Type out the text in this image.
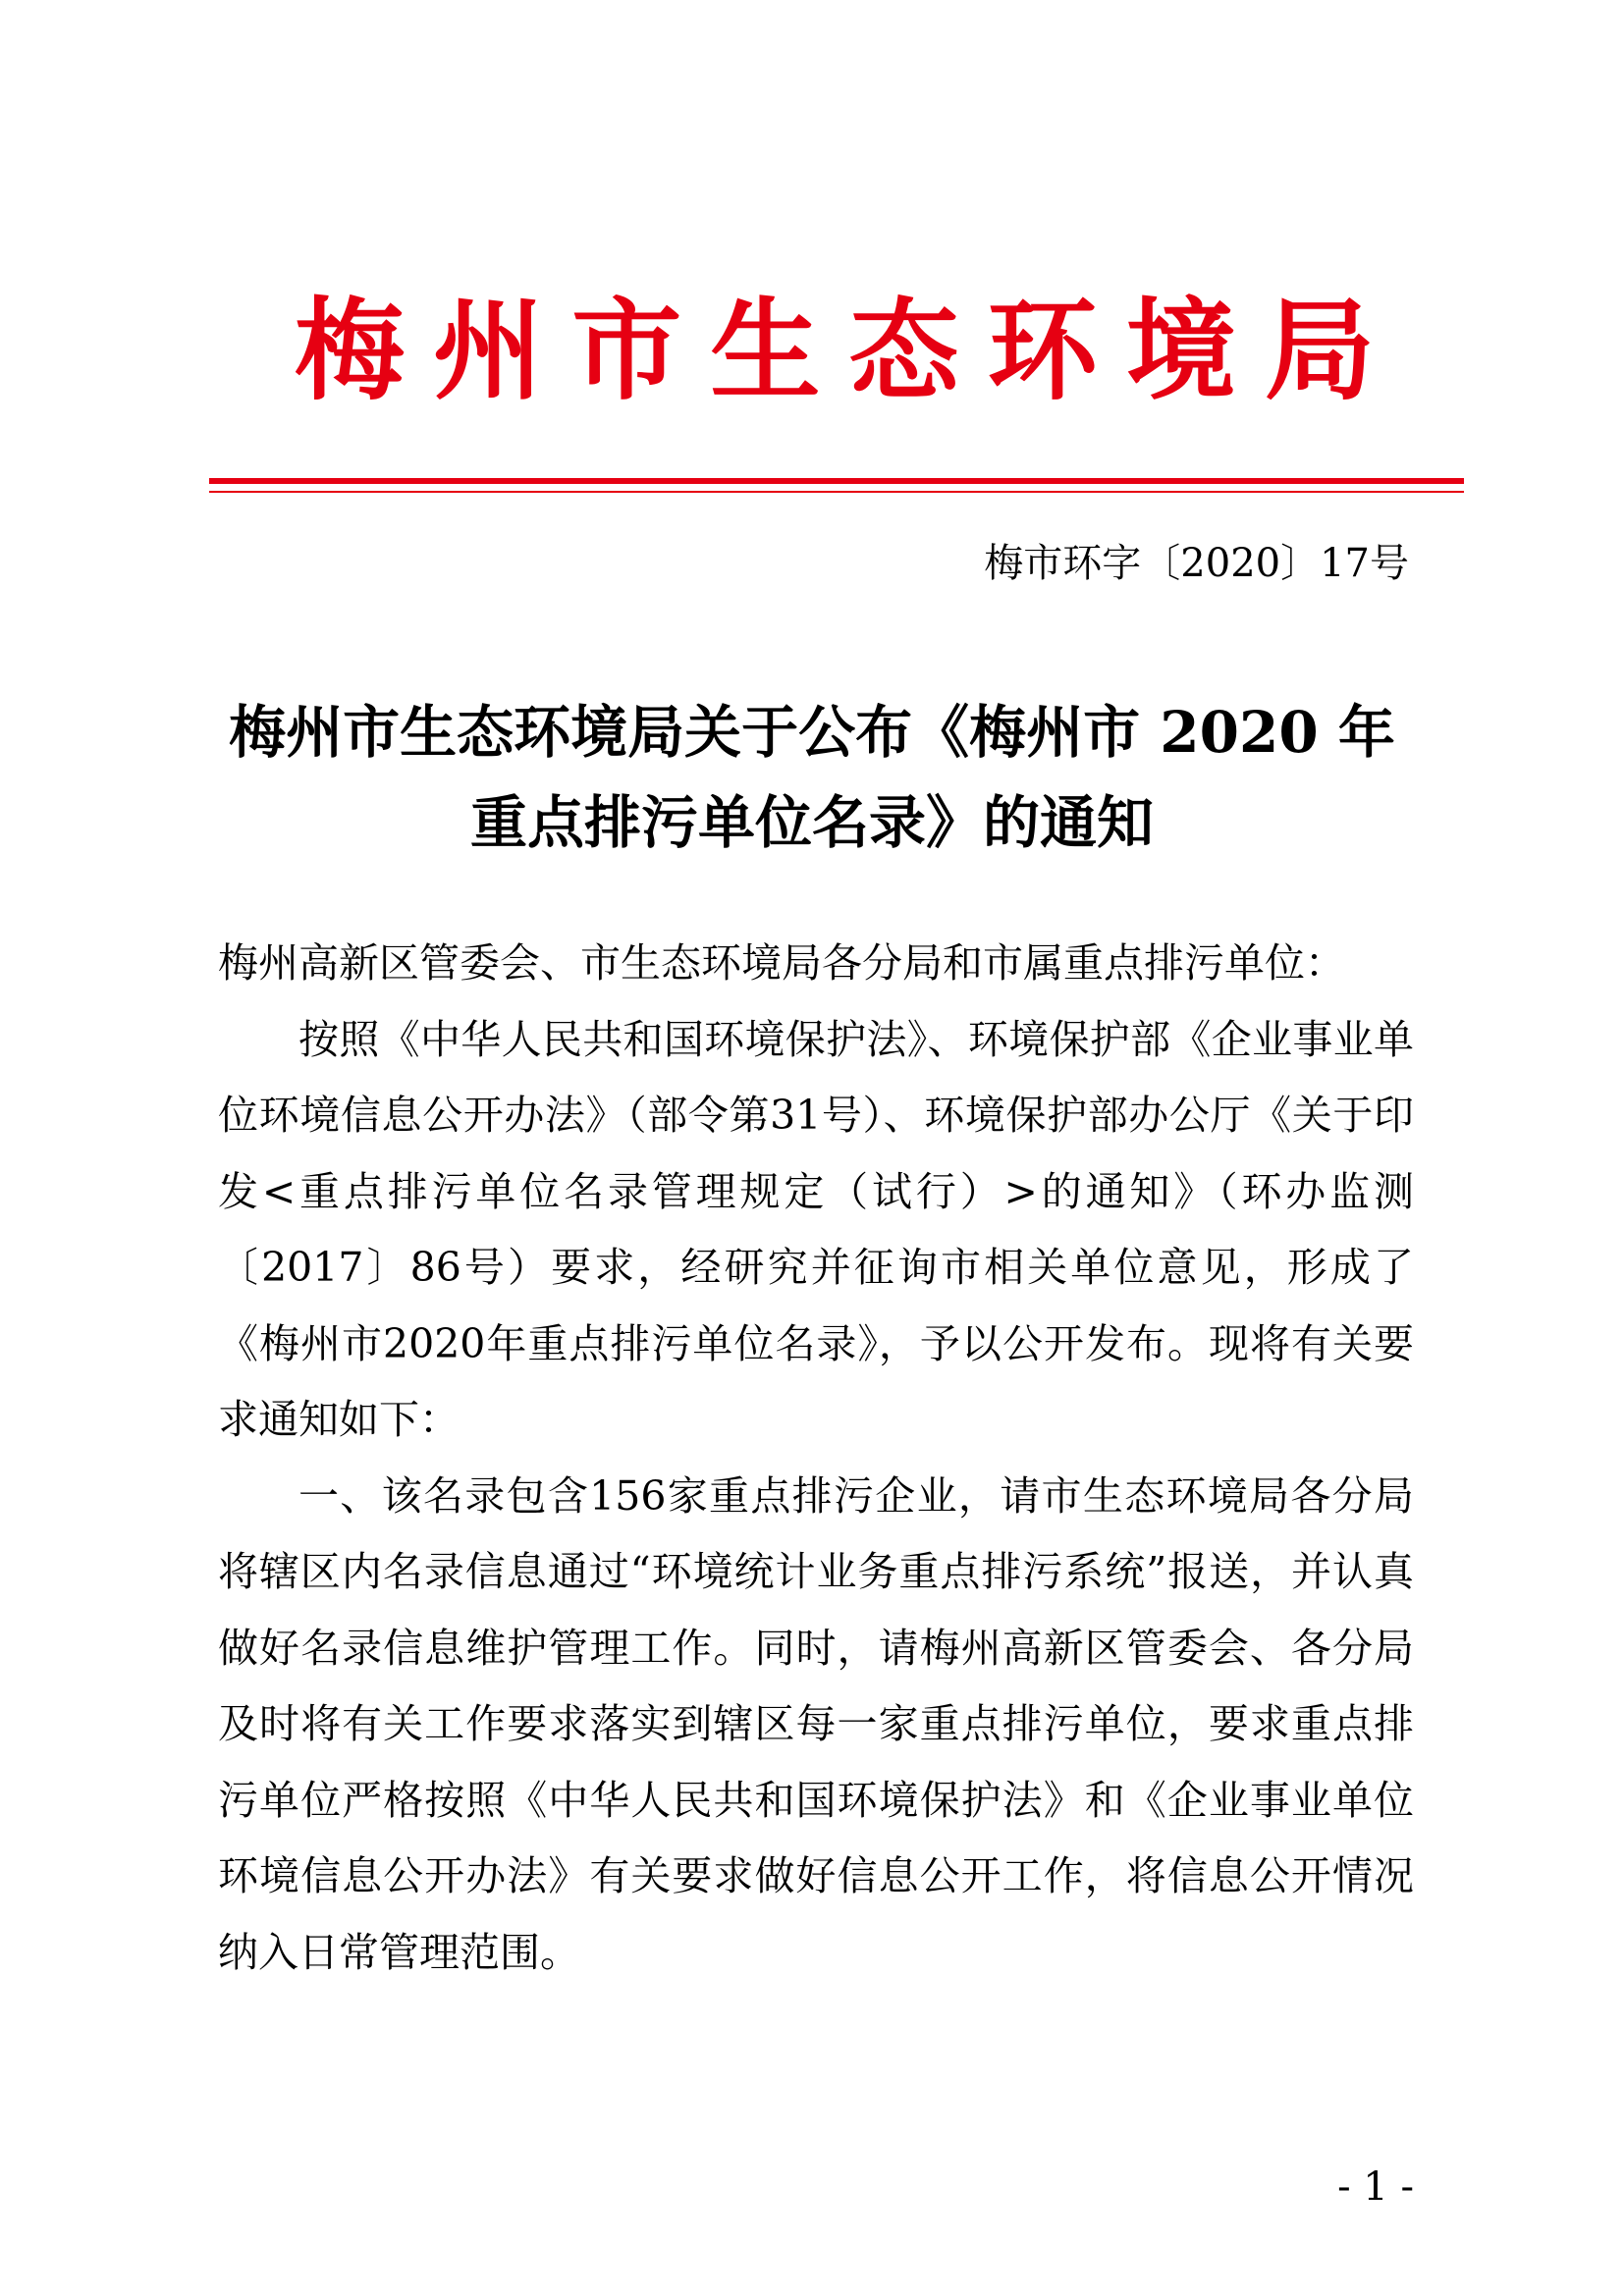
梅 州 市 生 态 环 境 局
梅市环字〔2020〕17号
梅州市生态环境局关于公布《梅州市 2020 年
重点排污单位名录》的通知

梅州高新区管委会、市生态环境局各分局和市属重点排污单位：

按照《中华人民共和国环境保护法》、环境保护部《企业事业单位环境信息公开办法》（部令第31号）、环境保护部办公厅《关于印发<重点排污单位名录管理规定（试行）>的通知》（环办监测〔2017〕86号）要求，经研究并征询市相关单位意见，形成了《梅州市2020年重点排污单位名录》，予以公开发布。现将有关要求通知如下：

一、该名录包含156家重点排污企业，请市生态环境局各分局将辖区内名录信息通过“环境统计业务重点排污系统”报送，并认真做好名录信息维护管理工作。同时，请梅州高新区管委会、各分局及时将有关工作要求落实到辖区每一家重点排污单位，要求重点排污单位严格按照《中华人民共和国环境保护法》和《企业事业单位环境信息公开办法》有关要求做好信息公开工作，将信息公开情况纳入日常管理范围。

- 1 -
